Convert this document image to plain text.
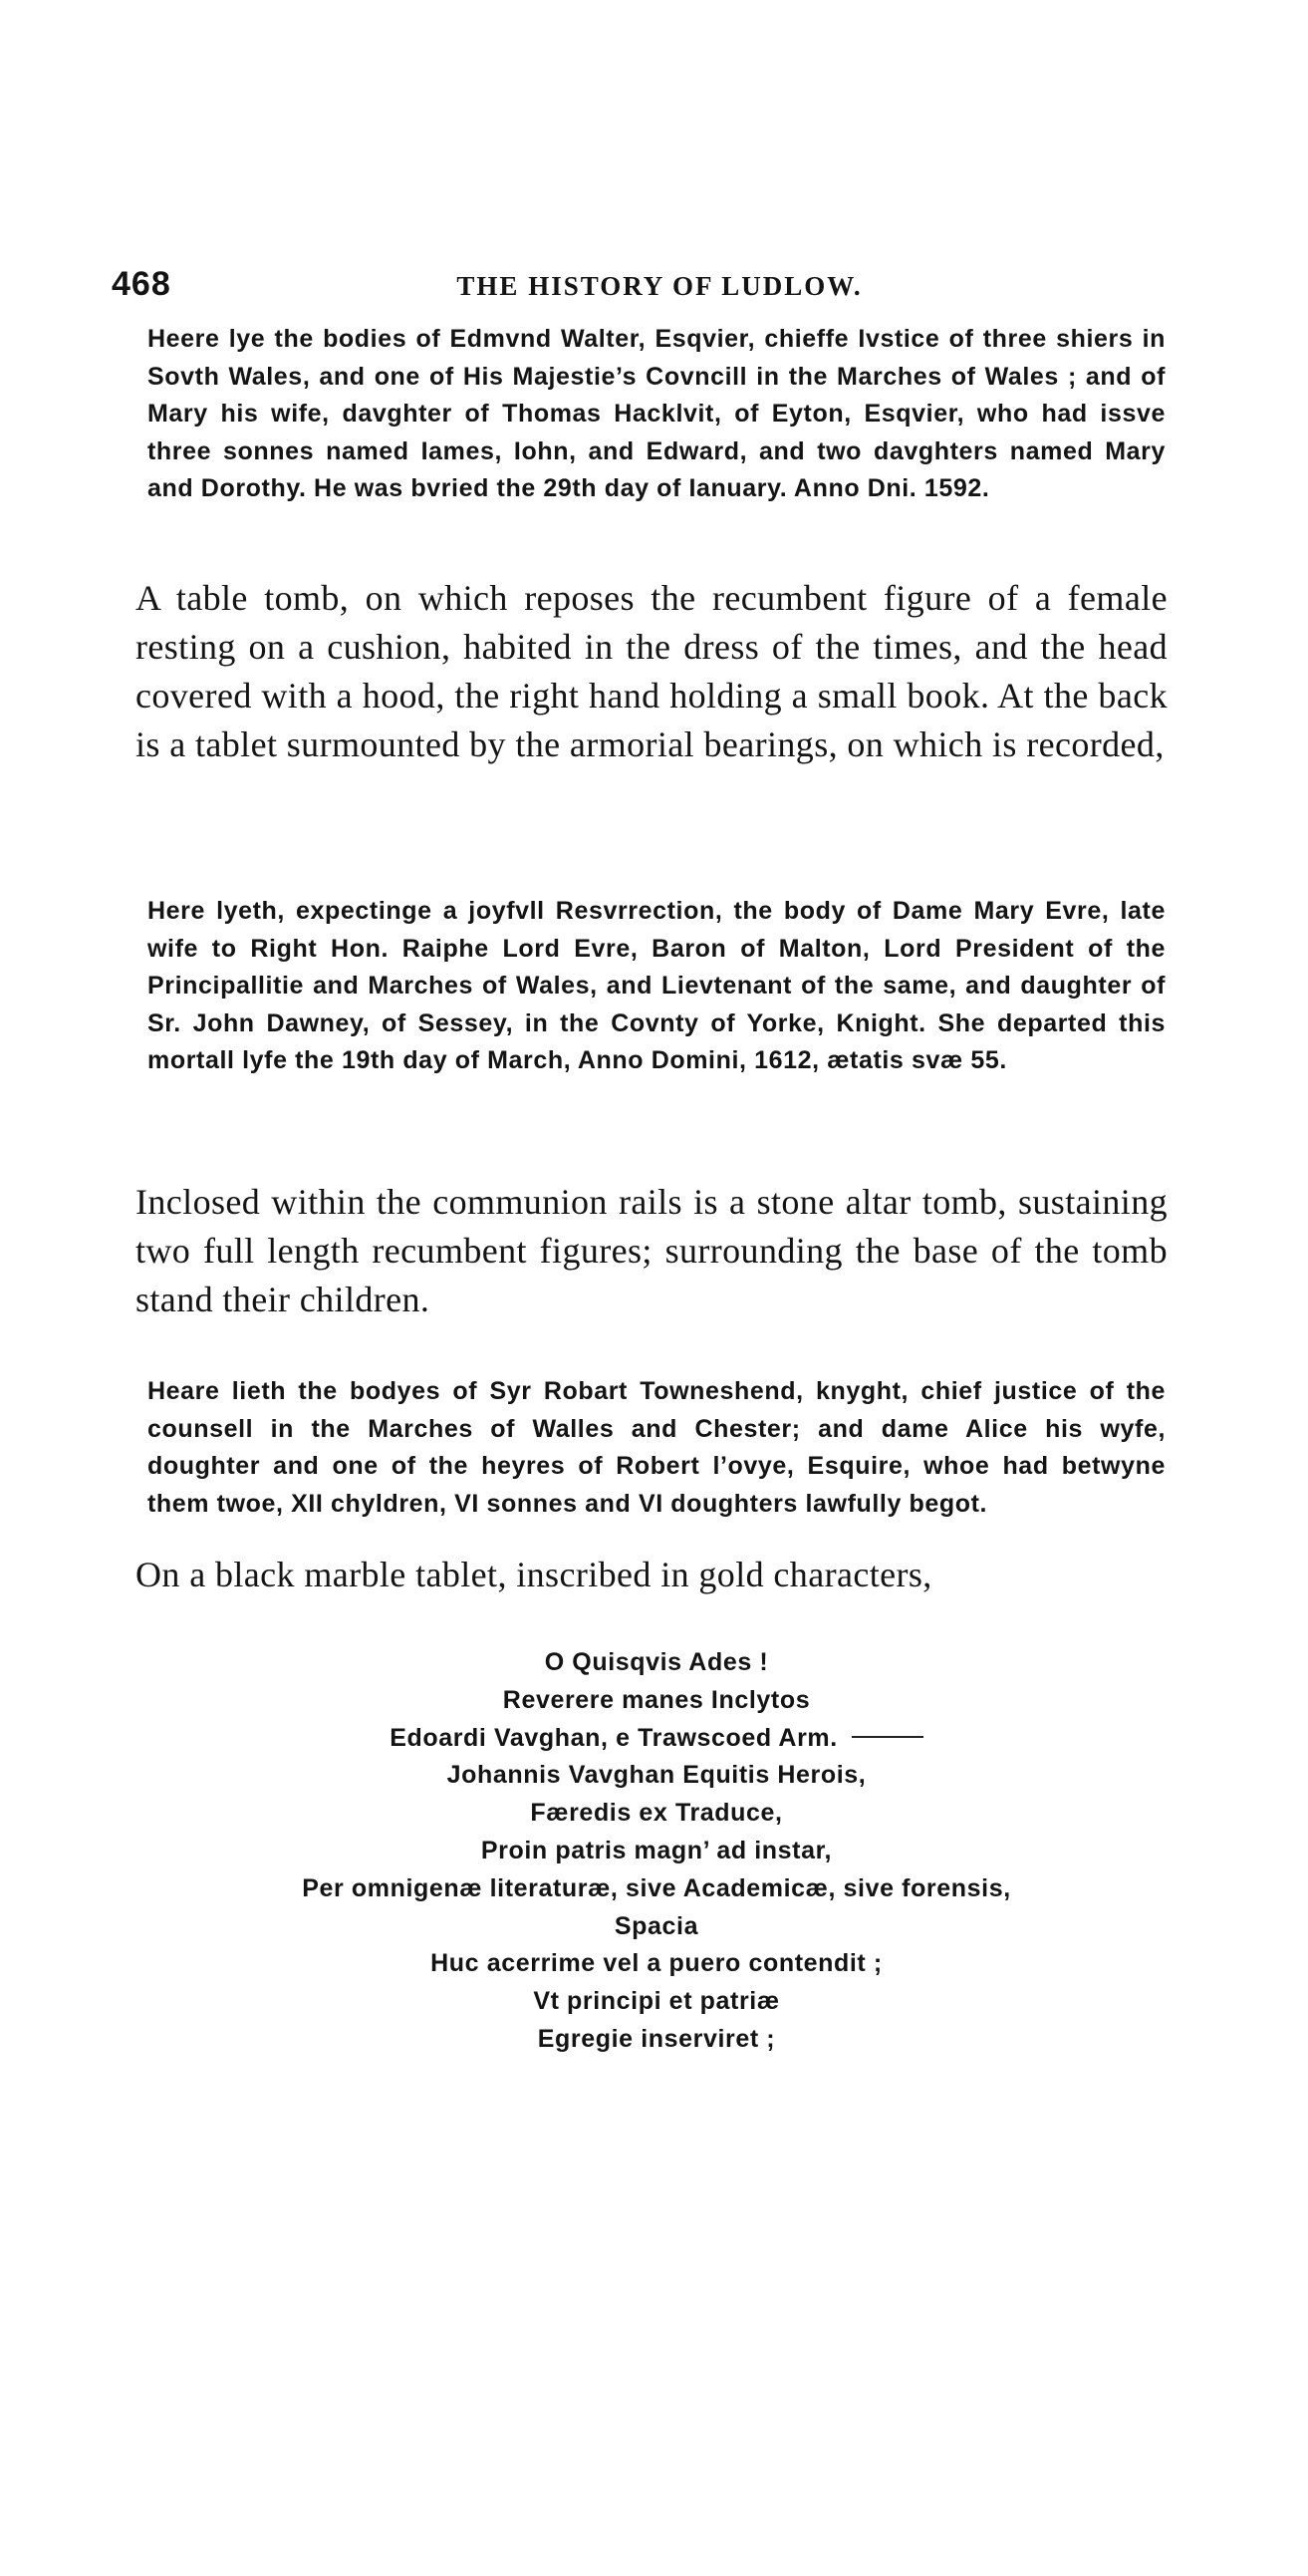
468	THE HISTORY OF LUDLOW.

Heere lye the bodies of Edmvnd Walter, Esqvier, chieffe Ivstice of three shiers in Sovth Wales, and one of His Majestie’s Covncill in the Marches of Wales ; and of Mary his wife, davghter of Thomas Hacklvit, of Eyton, Esqvier, who had issve three sonnes named Iames, Iohn, and Edward, and two davghters named Mary and Dorothy. He was bvried the 29th day of Ianuary. Anno Dni. 1592.

A table tomb, on which reposes the recumbent figure of a female resting on a cushion, habited in the dress of the times, and the head covered with a hood, the right hand holding a small book. At the back is a tablet surmounted by the armorial bearings, on which is recorded,

Here lyeth, expectinge a joyfvll Resvrrection, the body of Dame Mary Evre, late wife to Right Hon. Raiphe Lord Evre, Baron of Malton, Lord President of the Principallitie and Marches of Wales, and Lievtenant of the same, and daughter of Sr. John Dawney, of Sessey, in the Covnty of Yorke, Knight. She departed this mortall lyfe the 19th day of March, Anno Domini, 1612, ætatis svæ 55.

Inclosed within the communion rails is a stone altar tomb, sustaining two full length recumbent figures; surrounding the base of the tomb stand their children.

Heare lieth the bodyes of Syr Robart Towneshend, knyght, chief justice of the counsell in the Marches of Walles and Chester; and dame Alice his wyfe, doughter and one of the heyres of Robert l’ovye, Esquire, whoe had betwyne them twoe, XII chyldren, VI sonnes and VI doughters lawfully begot.

On a black marble tablet, inscribed in gold characters,

O Quisqvis Ades !
Reverere manes Inclytos
Edoardi Vavghan, e Trawscoed Arm.
Johannis Vavghan Equitis Herois,
Færedis ex Traduce,
Proin patris magn’ ad instar,
Per omnigenæ literaturæ, sive Academicæ, sive forensis,
Spacia
Huc acerrime vel a puero contendit ;
Vt principi et patriæ
Egregie inserviret ;
